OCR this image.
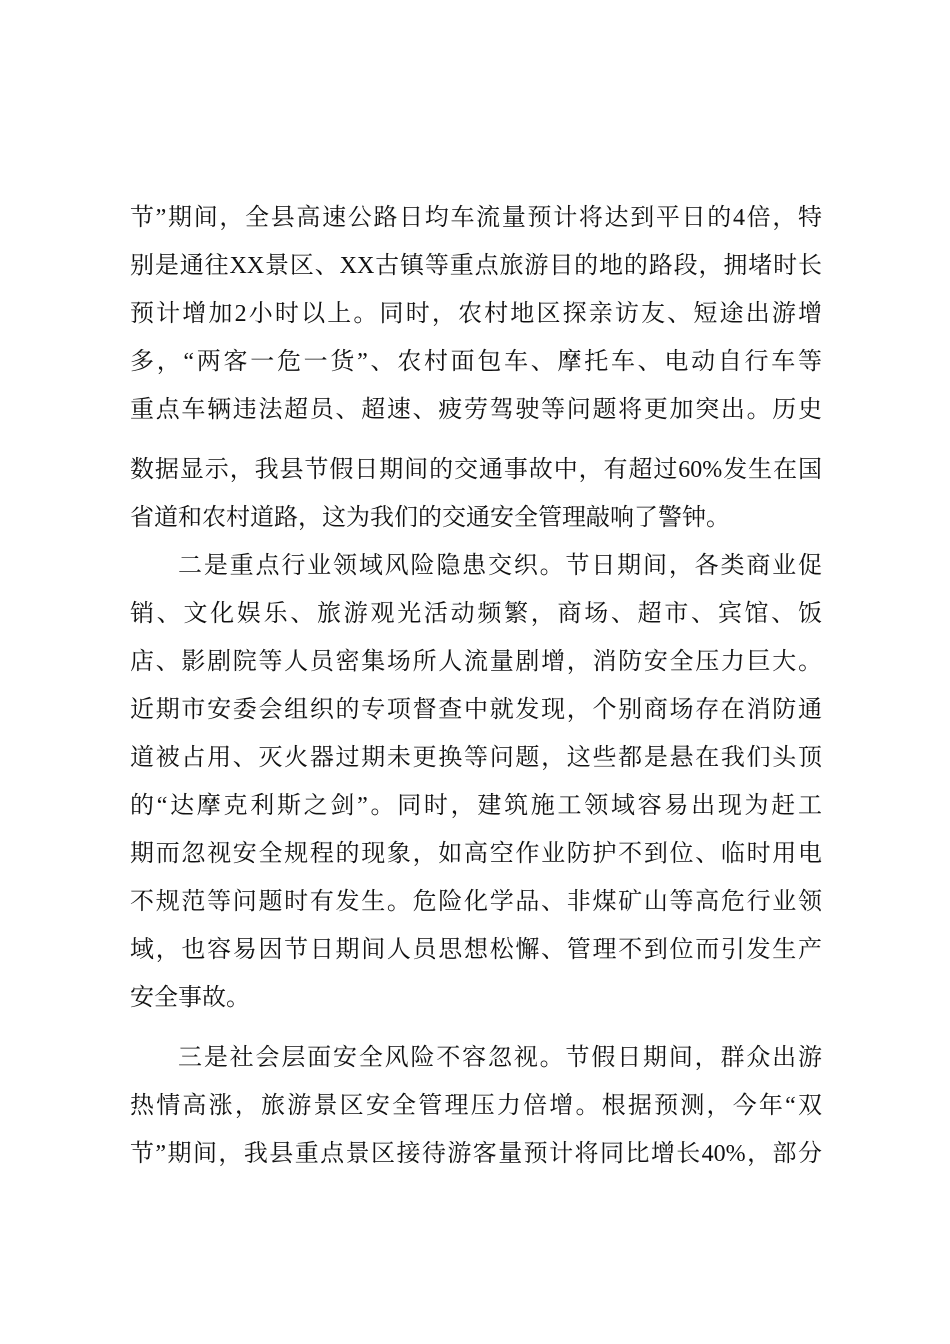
节”期间，全县高速公路日均车流量预计将达到平日的4倍，特
别是通往XX景区、XX古镇等重点旅游目的地的路段，拥堵时长
预计增加2小时以上。同时，农村地区探亲访友、短途出游增
多，“两客一危一货”、农村面包车、摩托车、电动自行车等
重点车辆违法超员、超速、疲劳驾驶等问题将更加突出。历史
数据显示，我县节假日期间的交通事故中，有超过60%发生在国
省道和农村道路，这为我们的交通安全管理敲响了警钟。
二是重点行业领域风险隐患交织。节日期间，各类商业促
销、文化娱乐、旅游观光活动频繁，商场、超市、宾馆、饭
店、影剧院等人员密集场所人流量剧增，消防安全压力巨大。
近期市安委会组织的专项督查中就发现，个别商场存在消防通
道被占用、灭火器过期未更换等问题，这些都是悬在我们头顶
的“达摩克利斯之剑”。同时，建筑施工领域容易出现为赶工
期而忽视安全规程的现象，如高空作业防护不到位、临时用电
不规范等问题时有发生。危险化学品、非煤矿山等高危行业领
域，也容易因节日期间人员思想松懈、管理不到位而引发生产
安全事故。
三是社会层面安全风险不容忽视。节假日期间，群众出游
热情高涨，旅游景区安全管理压力倍增。根据预测，今年“双
节”期间，我县重点景区接待游客量预计将同比增长40%，部分
